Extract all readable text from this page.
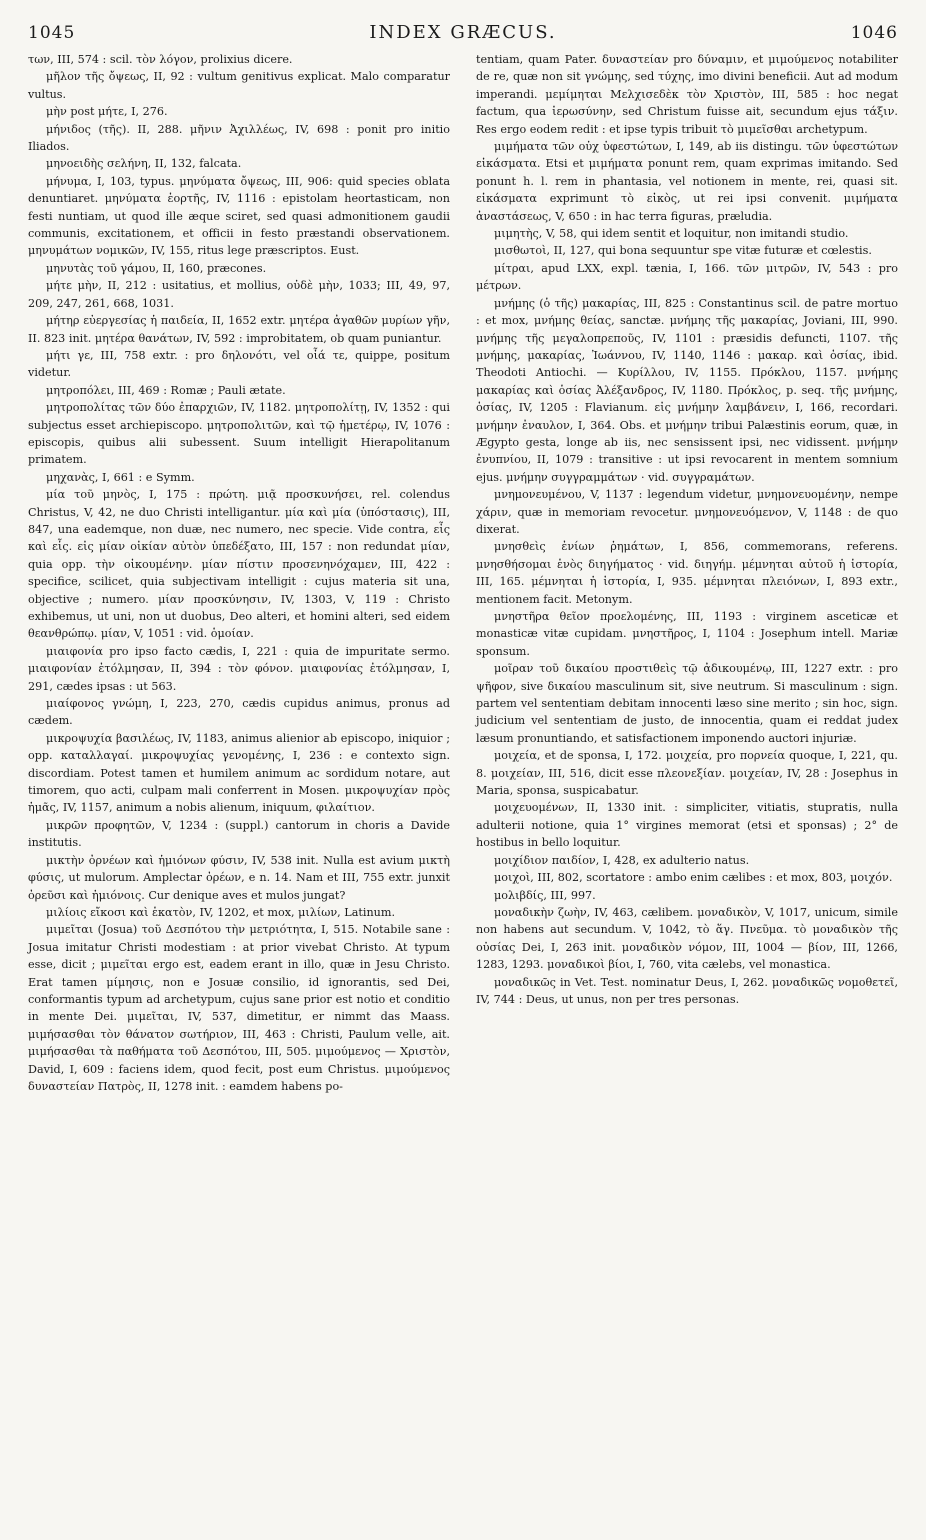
1045	INDEX GRÆCUS.	1046

των, III, 574 : scil. τὸν λόγον, prolixius dicere.

μῆλον τῆς ὄψεως, II, 92 : vultum genitivus explicat. Malo comparatur vultus.

μὴν post μήτε, I, 276.

μήνιδος (τῆς). II, 288. μῆνιν Ἀχιλλέως, IV, 698 : ponit pro initio Iliados.

μηνοειδὴς σελήνη, II, 132, falcata.

μήνυμα, I, 103, typus. μηνύματα ὄψεως, III, 906: quid species oblata denuntiaret. μηνύματα ἑορτῆς, IV, 1116 : epistolam heortasticam, non festi nuntiam, ut quod ille æque sciret, sed quasi admonitionem gaudii communis, excitationem, et officii in festo præstandi observationem. μηνυμάτων νομικῶν, IV, 155, ritus lege præscriptos. Eust.

μηνυτὰς τοῦ γάμου, II, 160, præcones.

μήτε μὴν, II, 212 : usitatius, et mollius, οὐδὲ μὴν, 1033; III, 49, 97, 209, 247, 261, 668, 1031.

μήτηρ εὐεργεσίας ἡ παιδεία, II, 1652 extr. μητέρα ἀγαθῶν μυρίων γῆν, II. 823 init. μητέρα θανάτων, IV, 592 : improbitatem, ob quam puniantur.

μήτι γε, III, 758 extr. : pro δηλονότι, vel οἷά τε, quippe, positum videtur.

μητροπόλει, III, 469 : Romæ ; Pauli ætate.

μητροπολίτας τῶν δύο ἐπαρχιῶν, IV, 1182. μητροπολίτῃ, IV, 1352 : qui subjectus esset archiepiscopo. μητροπολιτῶν, καὶ τῷ ἡμετέρῳ, IV, 1076 : episcopis, quibus alii subessent. Suum intelligit Hierapolitanum primatem.

μηχανὰς, I, 661 : e Symm.

μία τοῦ μηνὸς, I, 175 : πρώτη. μιᾷ προσκυνήσει, rel. colendus Christus, V, 42, ne duo Christi intelligantur. μία καὶ μία (ὑπόστασις), III, 847, una eademque, non duæ, nec numero, nec specie. Vide contra, εἷς καὶ εἷς. εἰς μίαν οἰκίαν αὐτὸν ὑπεδέξατο, III, 157 : non redundat μίαν, quia opp. τὴν οἰκουμένην. μίαν πίστιν προσενηνόχαμεν, III, 422 : specifice, scilicet, quia subjectivam intelligit : cujus materia sit una, objective ; numero. μίαν προσκύνησιν, IV, 1303, V, 119 : Christo exhibemus, ut uni, non ut duobus, Deo alteri, et homini alteri, sed eidem θεανθρώπῳ. μίαν, V, 1051 : vid. ὁμοίαν.

μιαιφονία pro ipso facto cædis, I, 221 : quia de impuritate sermo. μιαιφονίαν ἐτόλμησαν, II, 394 : τὸν φόνον. μιαιφονίας ἐτόλμησαν, I, 291, cædes ipsas : ut 563.

μιαίφονος γνώμη, I, 223, 270, cædis cupidus animus, pronus ad cædem.

μικροψυχία βασιλέως, IV, 1183, animus alienior ab episcopo, iniquior ; opp. καταλλαγαί. μικροψυχίας γενομένης, I, 236 : e contexto sign. discordiam. Potest tamen et humilem animum ac sordidum notare, aut timorem, quo acti, culpam mali conferrent in Mosen. μικροψυχίαν πρὸς ἡμᾶς, IV, 1157, animum a nobis alienum, iniquum, φιλαίτιον.

μικρῶν προφητῶν, V, 1234 : (suppl.) cantorum in choris a Davide institutis.

μικτὴν ὀρνέων καὶ ἡμιόνων φύσιν, IV, 538 init. Nulla est avium μικτὴ φύσις, ut mulorum. Amplectar ὀρέων, e n. 14. Nam et III, 755 extr. junxit ὀρεῦσι καὶ ἡμιόνοις. Cur denique aves et mulos jungat?

μιλίοις εἴκοσι καὶ ἑκατὸν, IV, 1202, et mox, μιλίων, Latinum.

μιμεῖται (Josua) τοῦ Δεσπότου τὴν μετριότητα, I, 515. Notabile sane : Josua imitatur Christi modestiam : at prior vivebat Christo. At typum esse, dicit ; μιμεῖται ergo est, eadem erant in illo, quæ in Jesu Christo. Erat tamen μίμησις, non e Josuæ consilio, id ignorantis, sed Dei, conformantis typum ad archetypum, cujus sane prior est notio et conditio in mente Dei. μιμεῖται, IV, 537, dimetitur, er nimmt das Maass. μιμήσασθαι τὸν θάνατον σωτήριον, III, 463 : Christi, Paulum velle, ait. μιμήσασθαι τὰ παθήματα τοῦ Δεσπότου, III, 505. μιμούμενος — Χριστὸν, David, I, 609 : faciens idem, quod fecit, post eum Christus. μιμούμενος δυναστείαν Πατρὸς, II, 1278 init. : eamdem habens po-

tentiam, quam Pater. δυναστείαν pro δύναμιν, et μιμούμενος notabiliter de re, quæ non sit γνώμης, sed τύχης, imo divini beneficii. Aut ad modum imperandi. μεμίμηται Μελχισεδὲκ τὸν Χριστὸν, III, 585 : hoc negat factum, qua ἱερωσύνην, sed Christum fuisse ait, secundum ejus τάξιν. Res ergo eodem redit : et ipse typis tribuit τὸ μιμεῖσθαι archetypum.

μιμήματα τῶν οὐχ ὑφεστώτων, I, 149, ab iis distingu. τῶν ὑφεστώτων εἰκάσματα. Etsi et μιμήματα ponunt rem, quam exprimas imitando. Sed ponunt h. l. rem in phantasia, vel notionem in mente, rei, quasi sit. εἰκάσματα exprimunt τὸ εἰκὸς, ut rei ipsi convenit. μιμήματα ἀναστάσεως, V, 650 : in hac terra figuras, præludia.

μιμητὴς, V, 58, qui idem sentit et loquitur, non imitandi studio.

μισθωτοὶ, II, 127, qui bona sequuntur spe vitæ futuræ et cœlestis.

μίτραι, apud LXX, expl. tænia, I, 166. τῶν μιτρῶν, IV, 543 : pro μέτρων.

μνήμης (ὁ τῆς) μακαρίας, III, 825 : Constantinus scil. de patre mortuo : et mox, μνήμης θείας, sanctæ. μνήμης τῆς μακαρίας, Joviani, III, 990. μνήμης τῆς μεγαλοπρεποῦς, IV, 1101 : præsidis defuncti, 1107. τῆς μνήμης, μακαρίας, Ἰωάννου, IV, 1140, 1146 : μακαρ. καὶ ὁσίας, ibid. Theodoti Antiochi. — Κυρίλλου, IV, 1155. Πρόκλου, 1157. μνήμης μακαρίας καὶ ὁσίας Ἀλέξανδρος, IV, 1180. Πρόκλος, p. seq. τῆς μνήμης, ὁσίας, IV, 1205 : Flavianum. εἰς μνήμην λαμβάνειν, I, 166, recordari. μνήμην ἐναυλον, I, 364. Obs. et μνήμην tribui Palæstinis eorum, quæ, in Ægypto gesta, longe ab iis, nec sensissent ipsi, nec vidissent. μνήμην ἐνυπνίου, II, 1079 : transitive : ut ipsi revocarent in mentem somnium ejus. μνήμην συγγραμμάτων · vid. συγγραμάτων.

μνημονευμένου, V, 1137 : legendum videtur, μνημονευομένην, nempe χάριν, quæ in memoriam revocetur. μνημονευόμενον, V, 1148 : de quo dixerat.

μνησθεὶς ἐνίων ῥημάτων, I, 856, commemorans, referens. μνησθήσομαι ἑνὸς διηγήματος · vid. διηγήμ. μέμνηται αὐτοῦ ἡ ἱστορία, III, 165. μέμνηται ἡ ἱστορία, I, 935. μέμνηται πλειόνων, I, 893 extr., mentionem facit. Metonym.

μνηστῆρα θεῖον προελομένης, III, 1193 : virginem asceticæ et monasticæ vitæ cupidam. μνηστῆρος, I, 1104 : Josephum intell. Mariæ sponsum.

μοῖραν τοῦ δικαίου προστιθεὶς τῷ ἀδικουμένῳ, III, 1227 extr. : pro ψῆφον, sive δικαίου masculinum sit, sive neutrum. Si masculinum : sign. partem vel sententiam debitam innocenti læso sine merito ; sin hoc, sign. judicium vel sententiam de justo, de innocentia, quam ei reddat judex læsum pronuntiando, et satisfactionem imponendo auctori injuriæ.

μοιχεία, et de sponsa, I, 172. μοιχεία, pro πορνεία quoque, I, 221, qu. 8. μοιχείαν, III, 516, dicit esse πλεονεξίαν. μοιχείαν, IV, 28 : Josephus in Maria, sponsa, suspicabatur.

μοιχευομένων, II, 1330 init. : simpliciter, vitiatis, stupratis, nulla adulterii notione, quia 1° virgines memorat (etsi et sponsas) ; 2° de hostibus in bello loquitur.

μοιχίδιον παιδίον, I, 428, ex adulterio natus.

μοιχοὶ, III, 802, scortatore : ambo enim cælibes : et mox, 803, μοιχόν.

μολιβδίς, III, 997.

μοναδικὴν ζωὴν, IV, 463, cælibem. μοναδικὸν, V, 1017, unicum, simile non habens aut secundum. V, 1042, τὸ ἅγ. Πνεῦμα. τὸ μοναδικὸν τῆς οὐσίας Dei, I, 263 init. μοναδικὸν νόμον, III, 1004 — βίον, III, 1266, 1283, 1293. μοναδικοὶ βίοι, I, 760, vita cælebs, vel monastica.

μοναδικῶς in Vet. Test. nominatur Deus, I, 262. μοναδικῶς νομοθετεῖ, IV, 744 : Deus, ut unus, non per tres personas.
